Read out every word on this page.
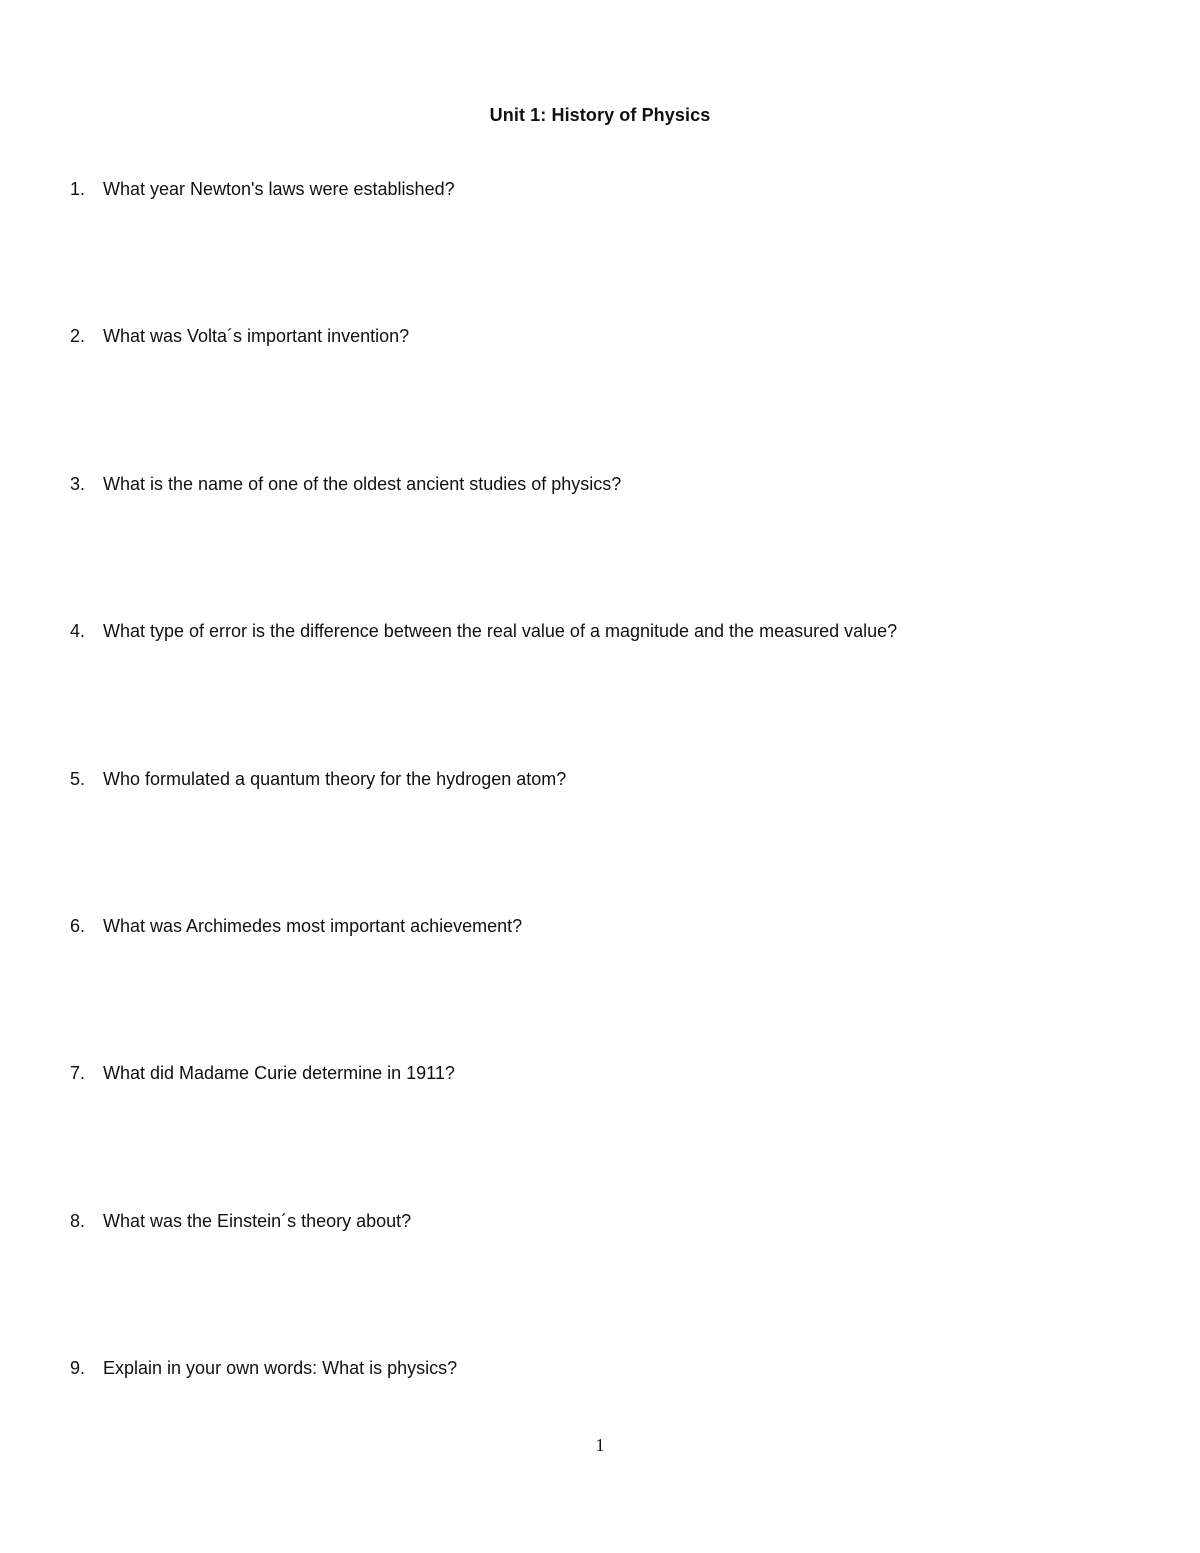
Unit 1: History of Physics
1. What year Newton's laws were established?
2. What was Volta´s important invention?
3. What is the name of one of the oldest ancient studies of physics?
4. What type of error is the difference between the real value of a magnitude and the measured value?
5. Who formulated a quantum theory for the hydrogen atom?
6. What was Archimedes most important achievement?
7. What did Madame Curie determine in 1911?
8. What was the Einstein´s theory about?
9. Explain in your own words: What is physics?
1
